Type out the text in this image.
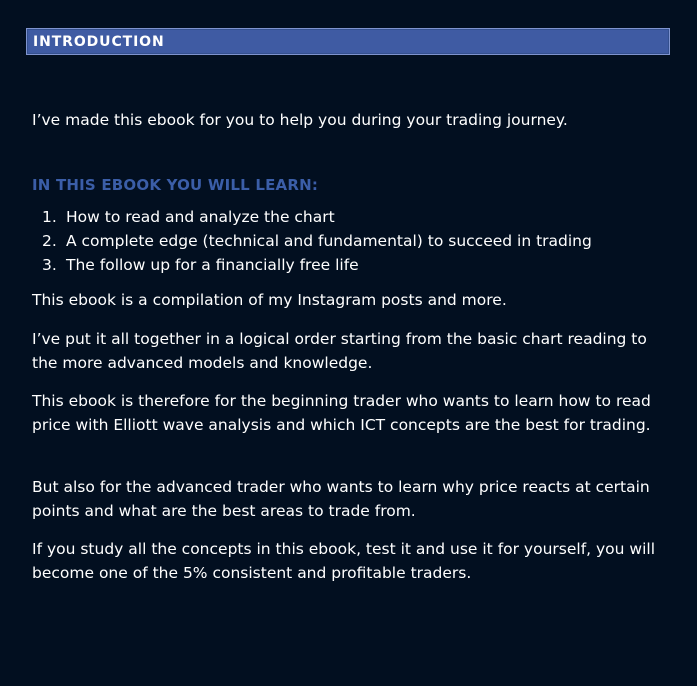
INTRODUCTION

I’ve made this ebook for you to help you during your trading journey.

IN THIS EBOOK YOU WILL LEARN:
1. How to read and analyze the chart
2. A complete edge (technical and fundamental) to succeed in trading
3. The follow up for a financially free life

This ebook is a compilation of my Instagram posts and more.

I’ve put it all together in a logical order starting from the basic chart reading to the more advanced models and knowledge.

This ebook is therefore for the beginning trader who wants to learn how to read price with Elliott wave analysis and which ICT concepts are the best for trading.

But also for the advanced trader who wants to learn why price reacts at certain points and what are the best areas to trade from.

If you study all the concepts in this ebook, test it and use it for yourself, you will become one of the 5% consistent and profitable traders.
